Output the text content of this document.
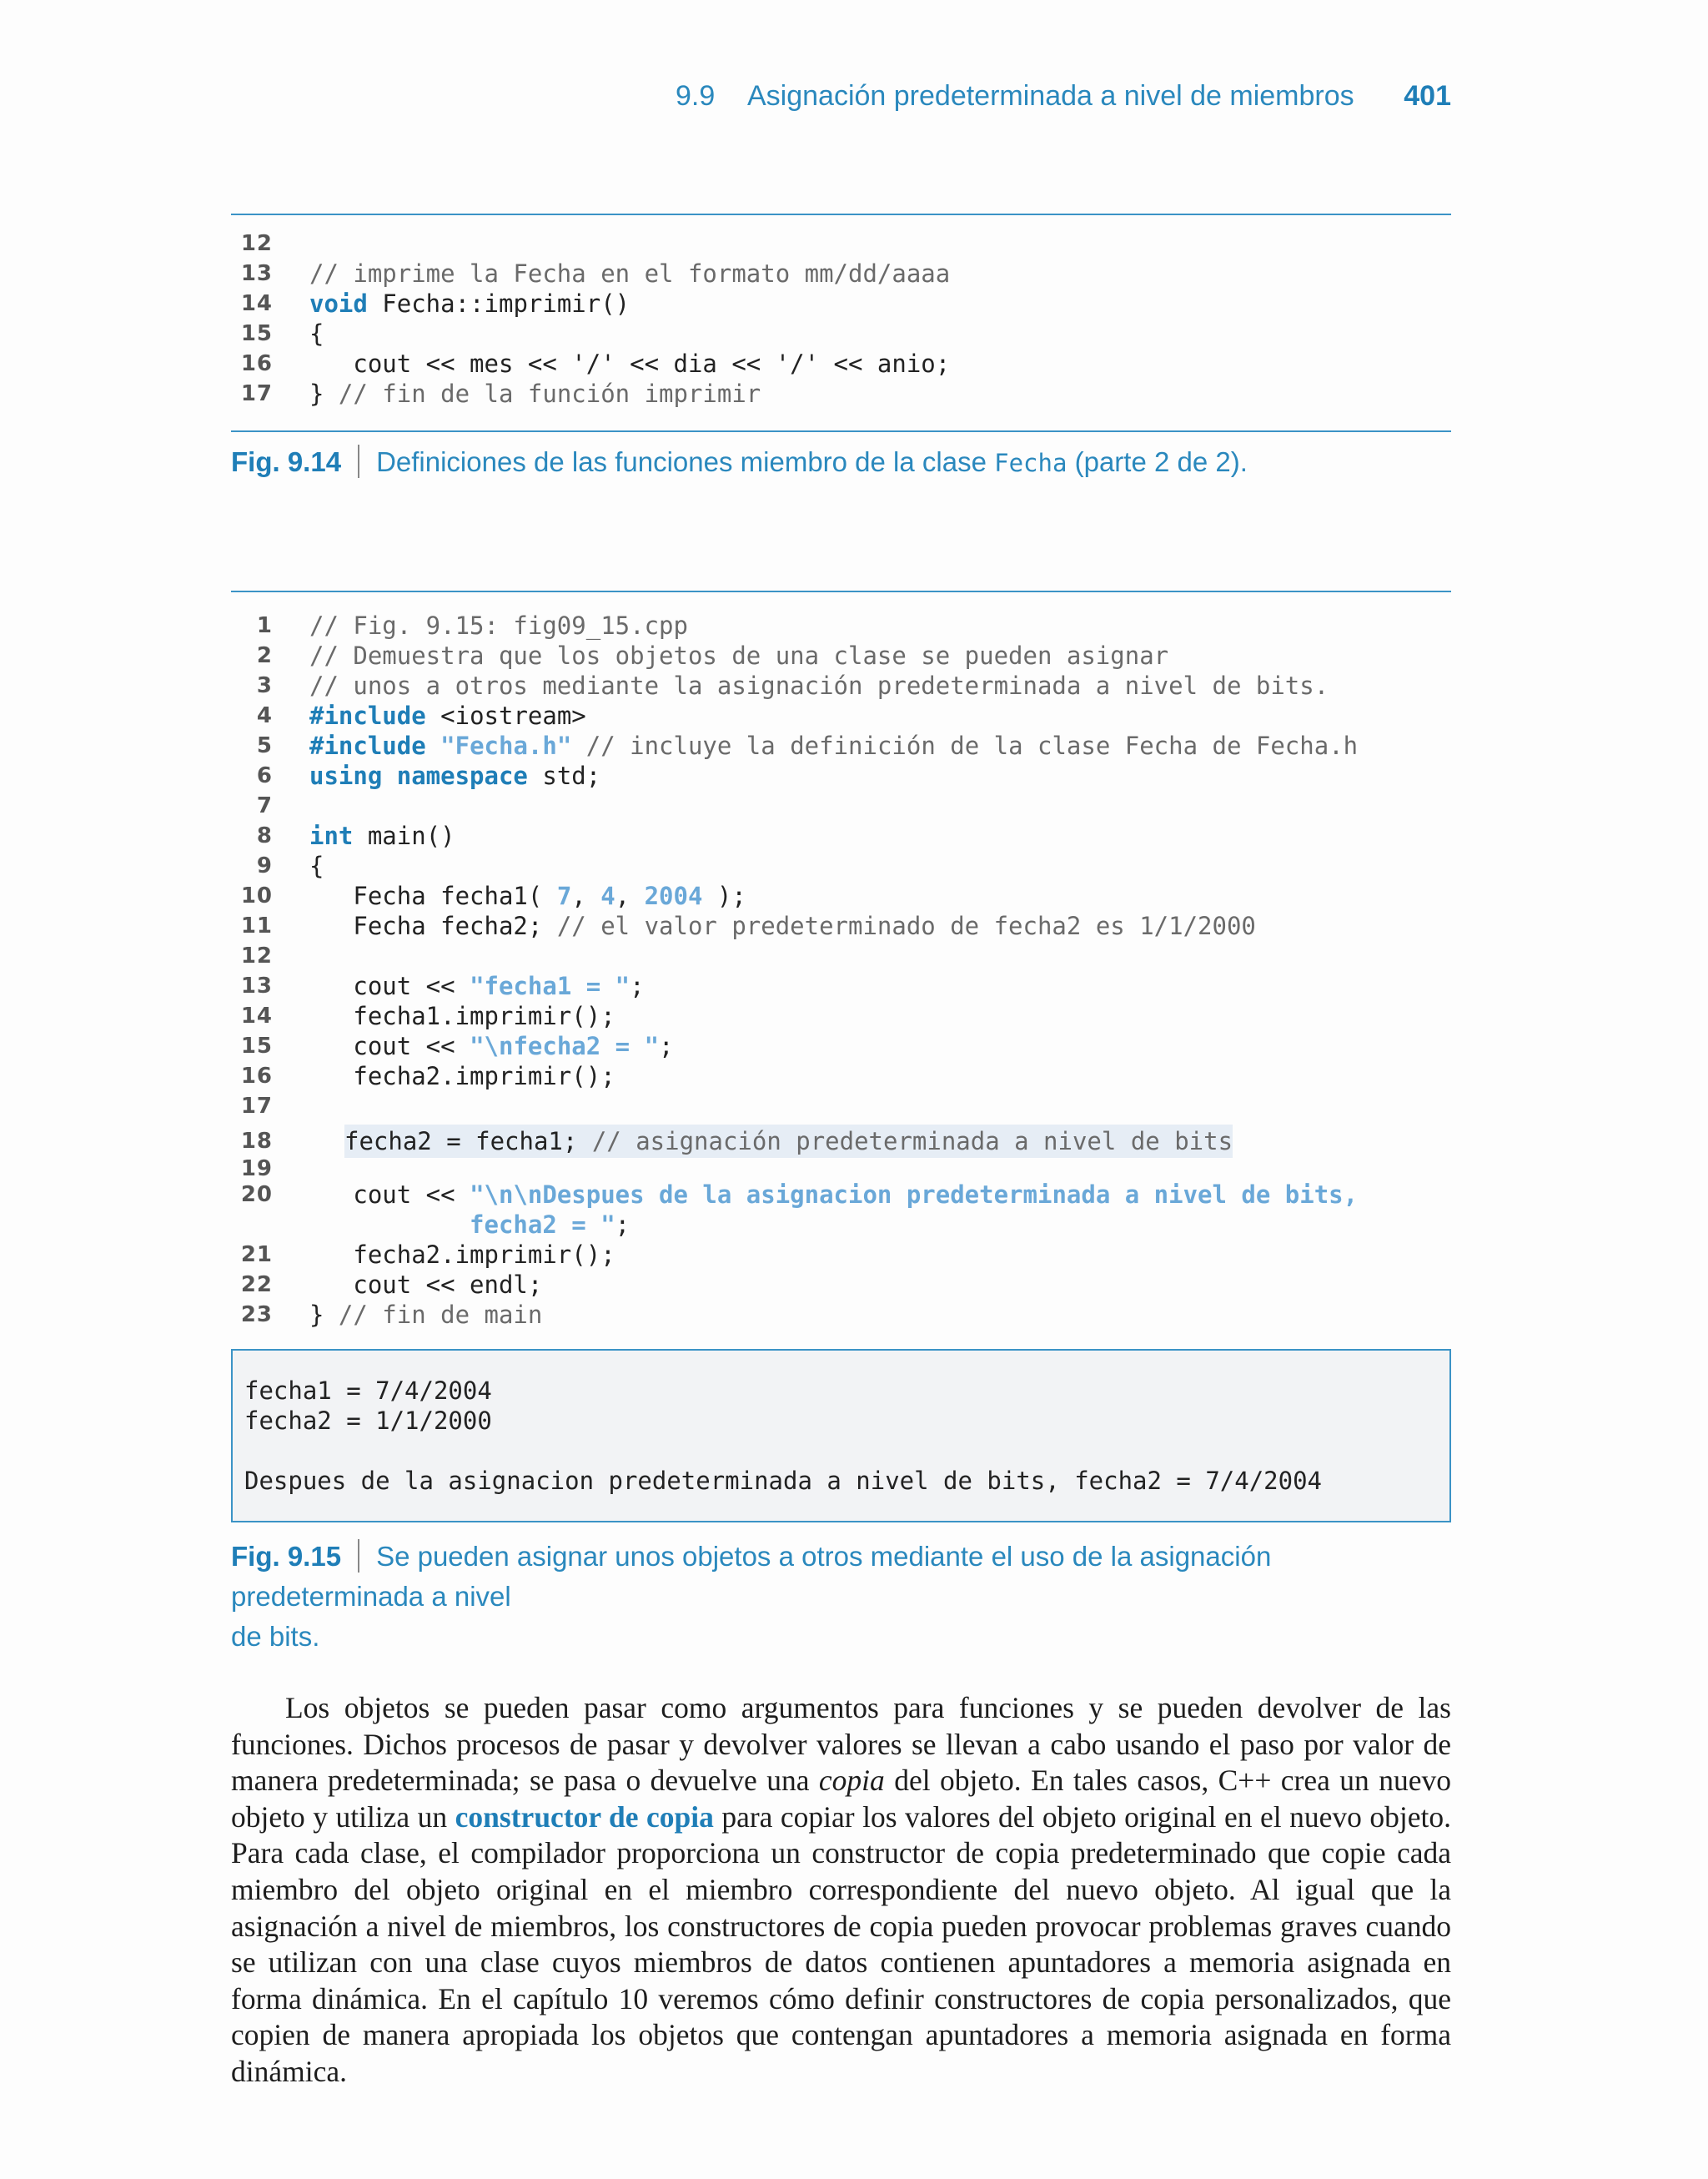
9.9 Asignación predeterminada a nivel de miembros 401
12
13 // imprime la Fecha en el formato mm/dd/aaaa
14 void Fecha::imprimir()
15 {
16 cout << mes << '/' << dia << '/' << anio;
17 } // fin de la función imprimir
Fig. 9.14 Definiciones de las funciones miembro de la clase Fecha (parte 2 de 2).
1 // Fig. 9.15: fig09_15.cpp
2 // Demuestra que los objetos de una clase se pueden asignar
3 // unos a otros mediante la asignación predeterminada a nivel de bits.
4 #include <iostream>
5 #include "Fecha.h" // incluye la definición de la clase Fecha de Fecha.h
6 using namespace std;
7
8 int main()
9 {
10 Fecha fecha1( 7, 4, 2004 );
11 Fecha fecha2; // el valor predeterminado de fecha2 es 1/1/2000
12
13 cout << "fecha1 = ";
14 fecha1.imprimir();
15 cout << "\nfecha2 = ";
16 fecha2.imprimir();
17
18	fecha2 = fecha1; // asignación predeterminada a nivel de bits
19
20 cout << "\n\nDespues de la asignacion predeterminada a nivel de bits,
fecha2 = ";
21 fecha2.imprimir();
22 cout << endl;
23 } // fin de main
fecha1 = 7/4/2004
fecha2 = 1/1/2000
Despues de la asignacion predeterminada a nivel de bits, fecha2 = 7/4/2004
Fig. 9.15 Se pueden asignar unos objetos a otros mediante el uso de la asignación predeterminada a nivel
de bits.

Los objetos se pueden pasar como argumentos para funciones y se pueden devolver de las funciones. Dichos procesos de pasar y devolver valores se llevan a cabo usando el paso por valor de manera predeterminada; se pasa o devuelve una copia del objeto. En tales casos, C++ crea un nuevo objeto y utiliza un constructor de copia para copiar los valores del objeto original en el nuevo objeto. Para cada clase, el compilador proporciona un constructor de copia predeterminado que copie cada miembro del objeto original en el miembro correspondiente del nuevo objeto. Al igual que la asignación a nivel de miembros, los constructores de copia pueden provocar problemas graves cuando se utilizan con una clase cuyos miembros de datos contienen apuntadores a memoria asignada en forma dinámica. En el capítulo 10 veremos cómo definir constructores de copia personalizados, que copien de manera apropiada los objetos que contengan apuntadores a memoria asignada en forma dinámica.
